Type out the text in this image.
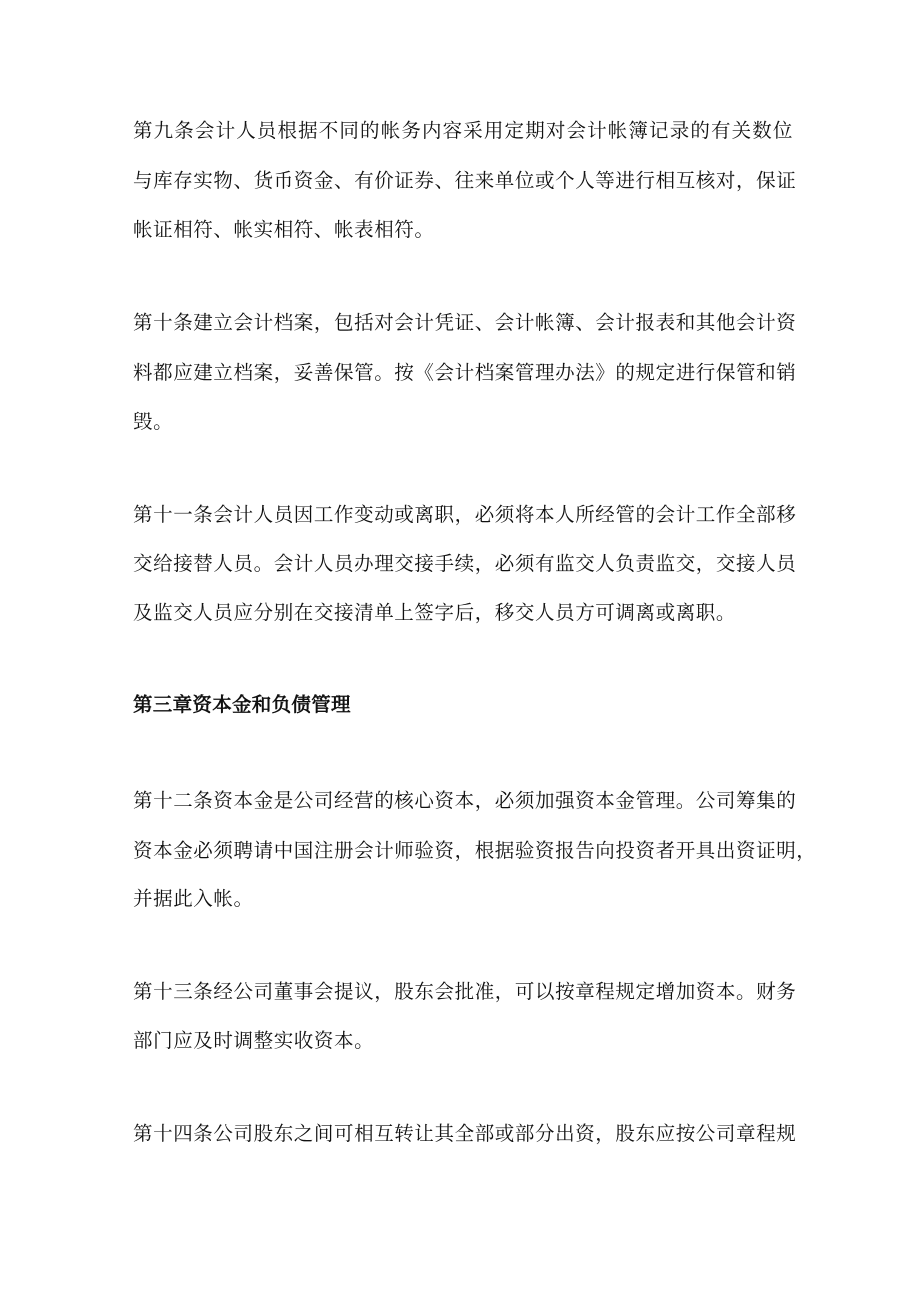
第九条会计人员根据不同的帐务内容采用定期对会计帐簿记录的有关数位
与库存实物、货币资金、有价证券、往来单位或个人等进行相互核对，保证
帐证相符、帐实相符、帐表相符。
第十条建立会计档案，包括对会计凭证、会计帐簿、会计报表和其他会计资
料都应建立档案，妥善保管。按《会计档案管理办法》的规定进行保管和销
毁。
第十一条会计人员因工作变动或离职，必须将本人所经管的会计工作全部移
交给接替人员。会计人员办理交接手续，必须有监交人负责监交，交接人员
及监交人员应分别在交接清单上签字后，移交人员方可调离或离职。
第三章资本金和负债管理
第十二条资本金是公司经营的核心资本，必须加强资本金管理。公司筹集的
资本金必须聘请中国注册会计师验资，根据验资报告向投资者开具出资证明，
并据此入帐。
第十三条经公司董事会提议，股东会批准，可以按章程规定增加资本。财务
部门应及时调整实收资本。
第十四条公司股东之间可相互转让其全部或部分出资，股东应按公司章程规
